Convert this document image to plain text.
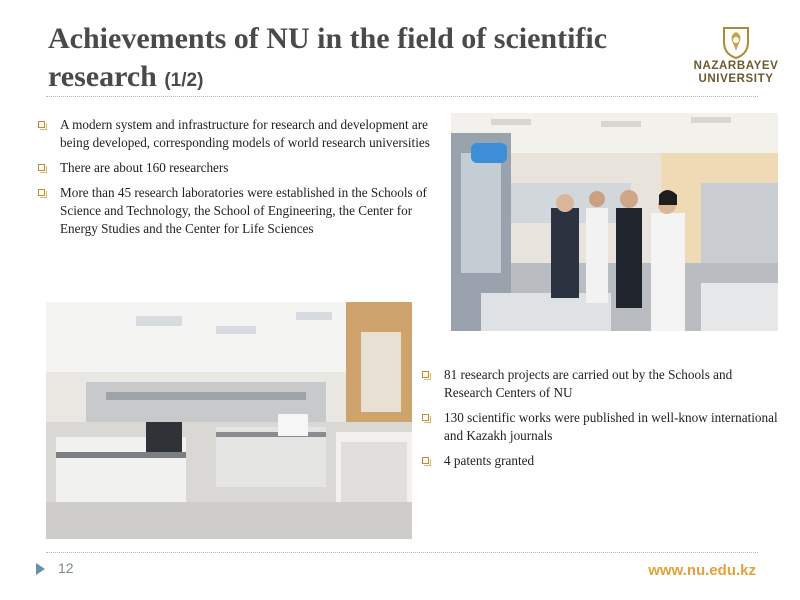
Achievements of NU in the field of scientific research (1/2)
NAZARBAYEV
UNIVERSITY
A modern system and infrastructure for research and development are being developed, corresponding models of world research universities
There are about 160 researchers
More than 45 research laboratories were established in the Schools of Science and Technology, the School of Engineering, the Center for Energy Studies and the Center for Life Sciences
81 research projects are carried out by the Schools and Research Centers of NU
130 scientific works were published in well-know international and Kazakh journals
4 patents granted
12	www.nu.edu.kz
